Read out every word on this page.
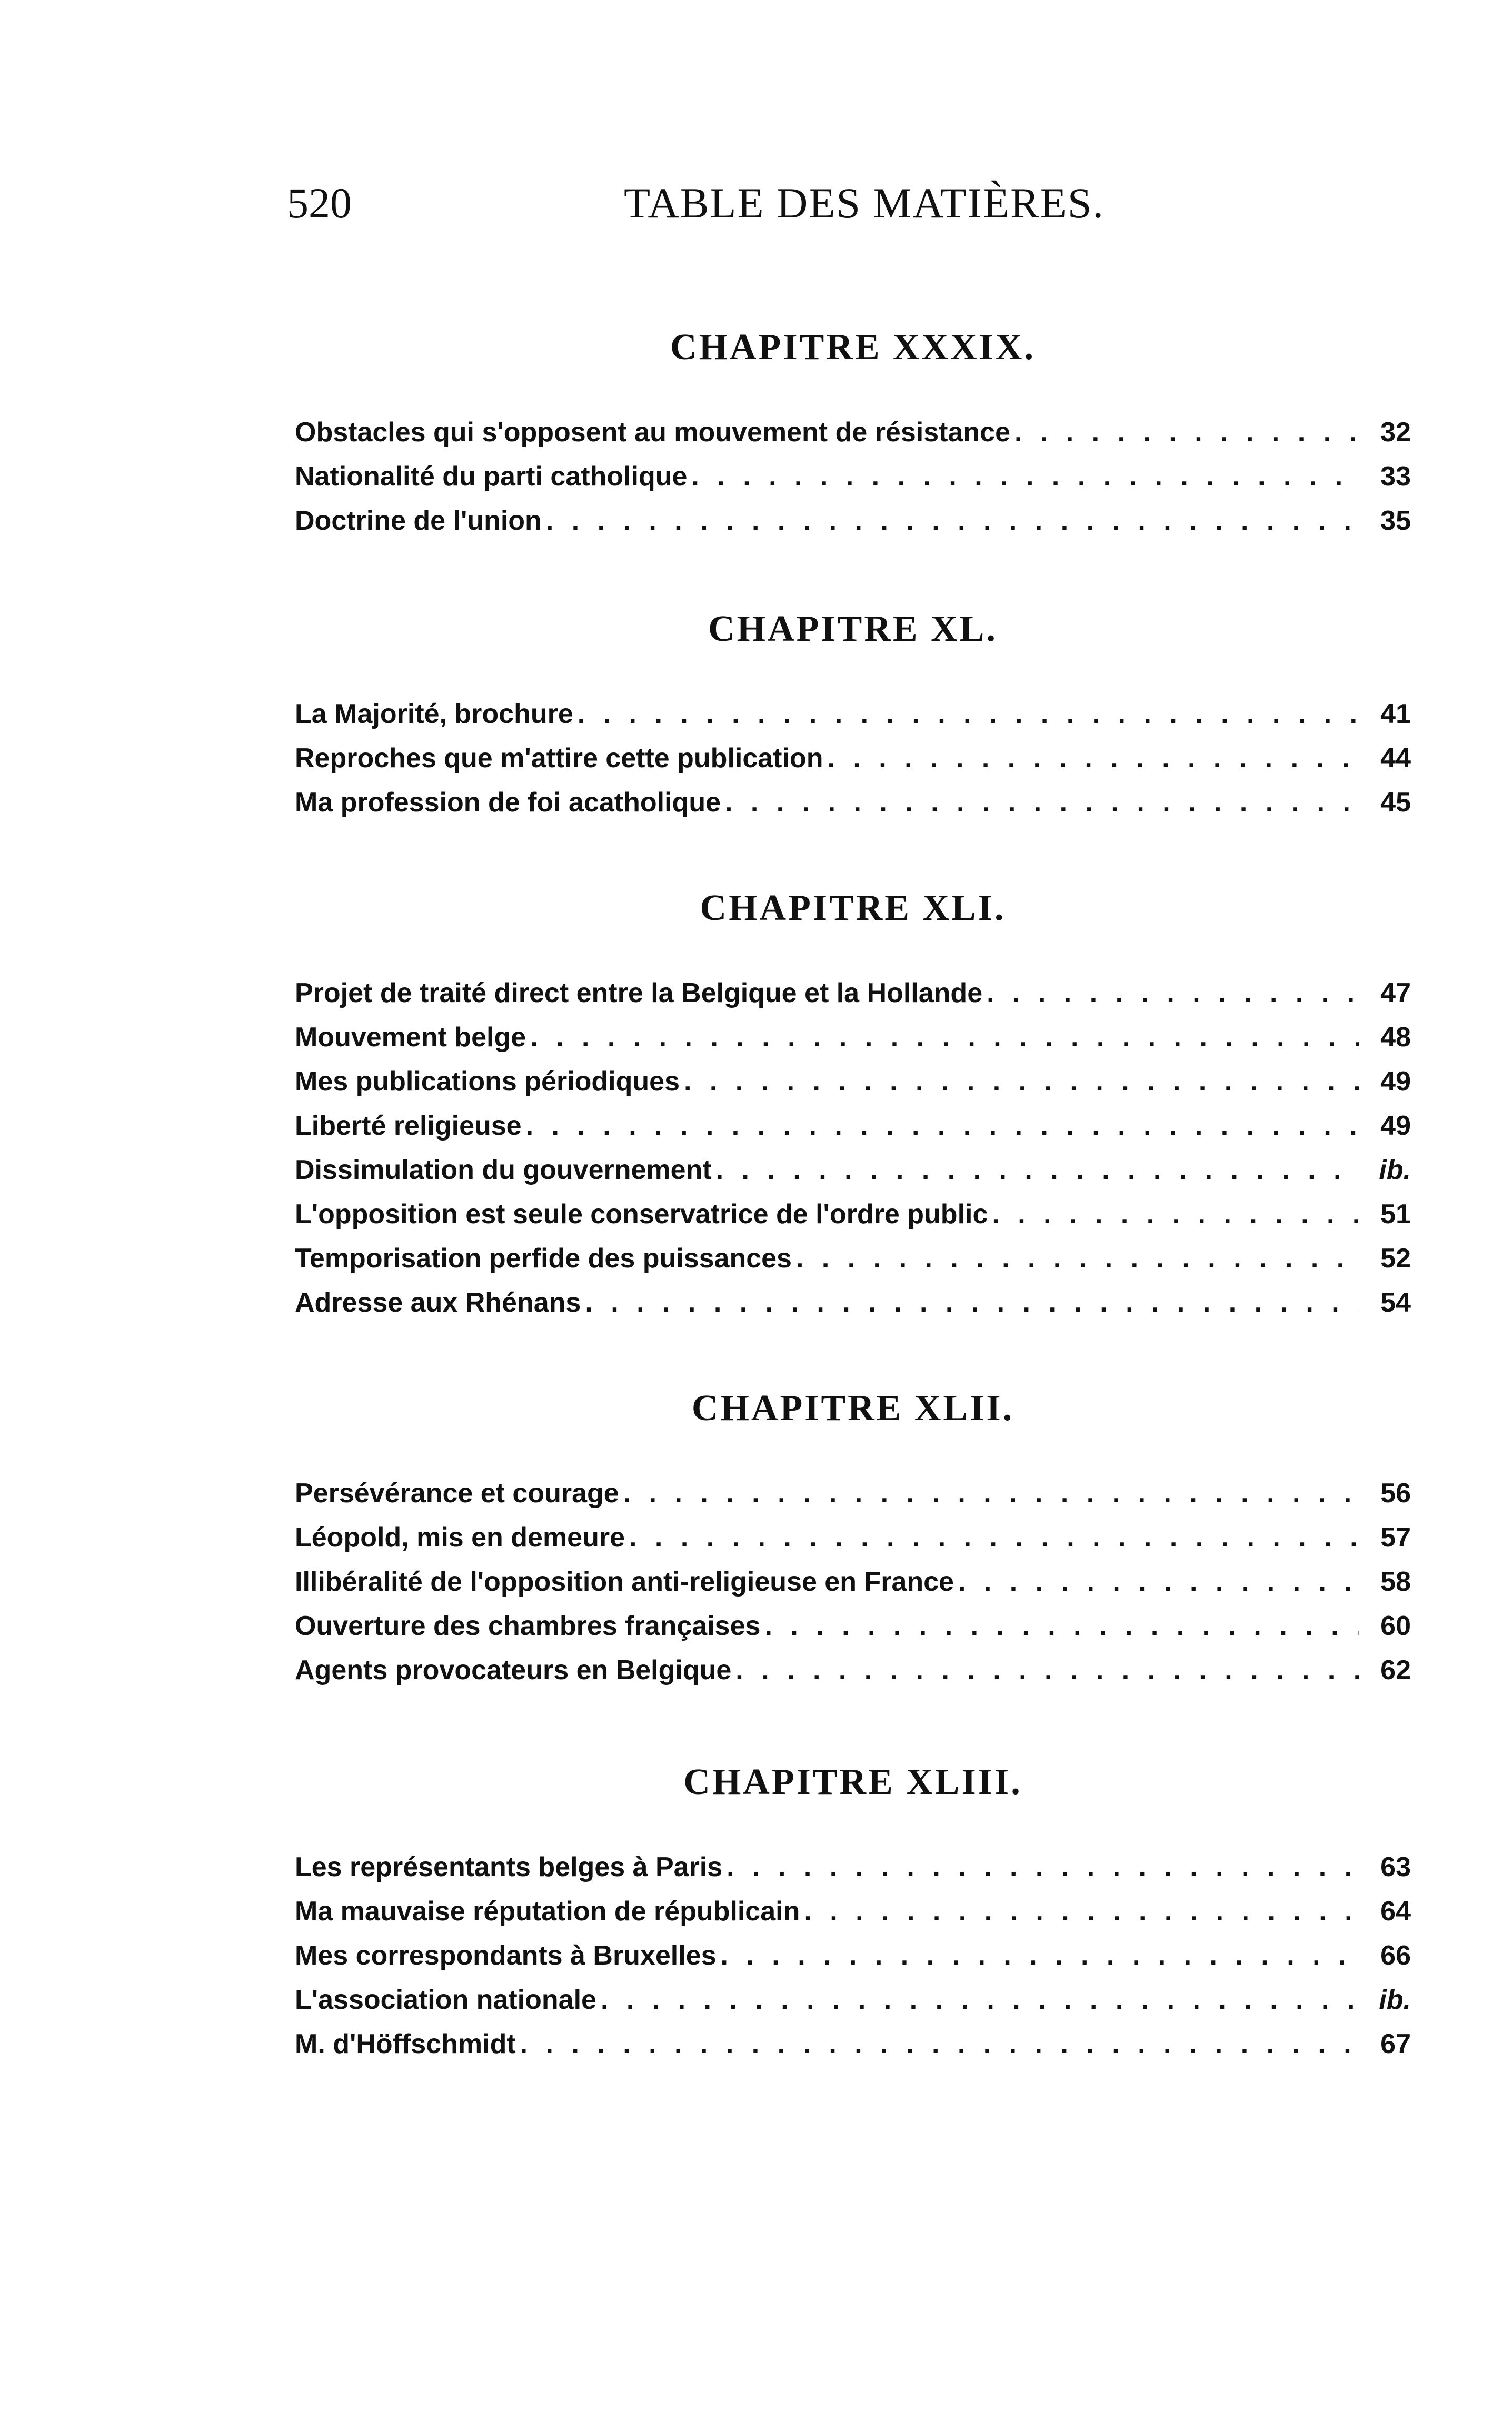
520	TABLE DES MATIÈRES.
CHAPITRE XXXIX.
Obstacles qui s'opposent au mouvement de résistance . . .	32
Nationalité du parti catholique . . .	33
Doctrine de l'union . . .	35
CHAPITRE XL.
La Majorité, brochure . . .	41
Reproches que m'attire cette publication . . .	44
Ma profession de foi acatholique . . .	45
CHAPITRE XLI.
Projet de traité direct entre la Belgique et la Hollande . . .	47
Mouvement belge . . .	48
Mes publications périodiques . . .	49
Liberté religieuse . . .	49
Dissimulation du gouvernement . . .	ib.
L'opposition est seule conservatrice de l'ordre public . . .	51
Temporisation perfide des puissances . . .	52
Adresse aux Rhénans . . .	54
CHAPITRE XLII.
Persévérance et courage . . .	56
Léopold, mis en demeure . . .	57
Illibéralité de l'opposition anti-religieuse en France . . .	58
Ouverture des chambres françaises . . .	60
Agents provocateurs en Belgique . . .	62
CHAPITRE XLIII.
Les représentants belges à Paris . . .	63
Ma mauvaise réputation de républicain . . .	64
Mes correspondants à Bruxelles . . .	66
L'association nationale . . .	ib.
M. d'Höffschmidt . . .	67
